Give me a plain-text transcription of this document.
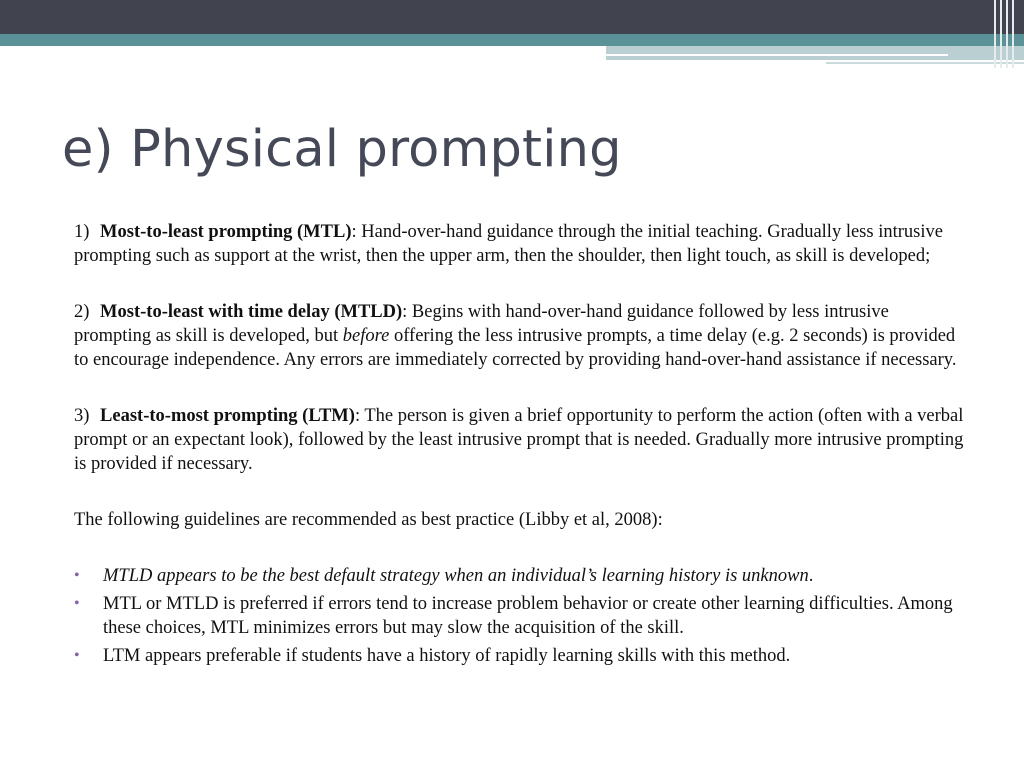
e) Physical prompting

1) Most-to-least prompting (MTL): Hand-over-hand guidance through the initial teaching. Gradually less intrusive prompting such as support at the wrist, then the upper arm, then the shoulder, then light touch, as skill is developed;

2) Most-to-least with time delay (MTLD): Begins with hand-over-hand guidance followed by less intrusive prompting as skill is developed, but before offering the less intrusive prompts, a time delay (e.g. 2 seconds) is provided to encourage independence. Any errors are immediately corrected by providing hand-over-hand assistance if necessary.

3) Least-to-most prompting (LTM): The person is given a brief opportunity to perform the action (often with a verbal prompt or an expectant look), followed by the least intrusive prompt that is needed. Gradually more intrusive prompting is provided if necessary.

The following guidelines are recommended as best practice (Libby et al, 2008):

• MTLD appears to be the best default strategy when an individual’s learning history is unknown.
• MTL or MTLD is preferred if errors tend to increase problem behavior or create other learning difficulties. Among these choices, MTL minimizes errors but may slow the acquisition of the skill.
• LTM appears preferable if students have a history of rapidly learning skills with this method.
